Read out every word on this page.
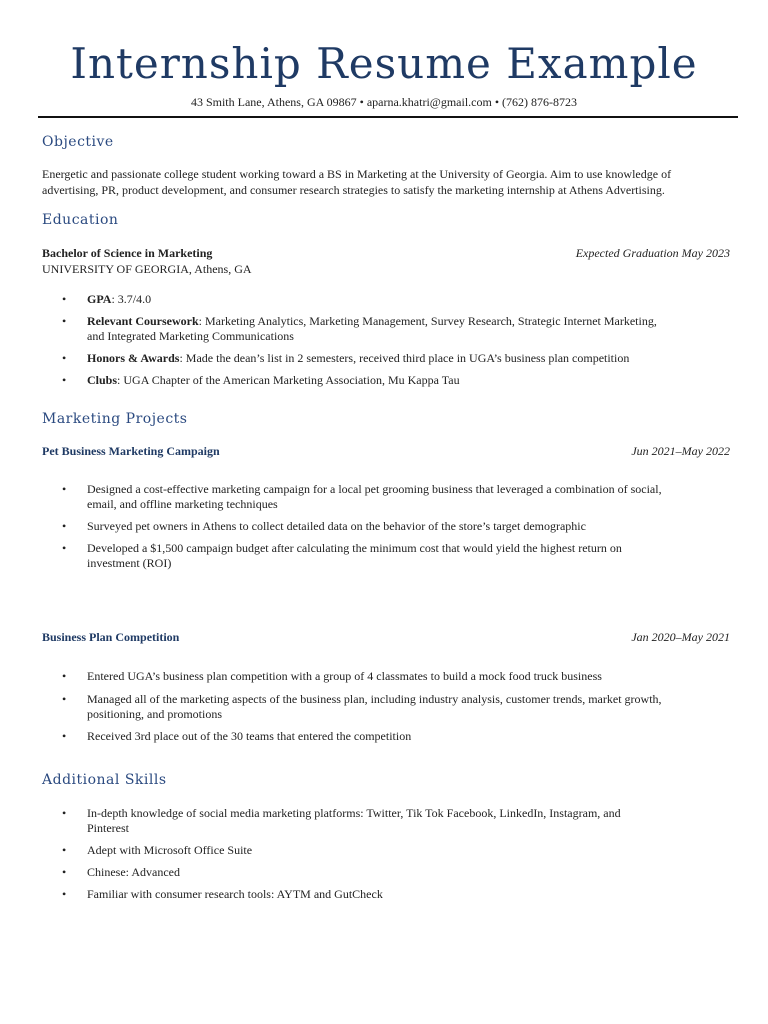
Internship Resume Example
43 Smith Lane, Athens, GA 09867 • aparna.khatri@gmail.com • (762) 876-8723
Objective
Energetic and passionate college student working toward a BS in Marketing at the University of Georgia. Aim to use knowledge of advertising, PR, product development, and consumer research strategies to satisfy the marketing internship at Athens Advertising.
Education
Bachelor of Science in Marketing	Expected Graduation May 2023
UNIVERSITY OF GEORGIA, Athens, GA
• GPA: 3.7/4.0
• Relevant Coursework: Marketing Analytics, Marketing Management, Survey Research, Strategic Internet Marketing, and Integrated Marketing Communications
• Honors & Awards: Made the dean’s list in 2 semesters, received third place in UGA’s business plan competition
• Clubs: UGA Chapter of the American Marketing Association, Mu Kappa Tau
Marketing Projects
Pet Business Marketing Campaign	Jun 2021–May 2022
• Designed a cost-effective marketing campaign for a local pet grooming business that leveraged a combination of social, email, and offline marketing techniques
• Surveyed pet owners in Athens to collect detailed data on the behavior of the store’s target demographic
• Developed a $1,500 campaign budget after calculating the minimum cost that would yield the highest return on investment (ROI)
Business Plan Competition	Jan 2020–May 2021
• Entered UGA’s business plan competition with a group of 4 classmates to build a mock food truck business
• Managed all of the marketing aspects of the business plan, including industry analysis, customer trends, market growth, positioning, and promotions
• Received 3rd place out of the 30 teams that entered the competition
Additional Skills
• In-depth knowledge of social media marketing platforms: Twitter, Tik Tok Facebook, LinkedIn, Instagram, and Pinterest
• Adept with Microsoft Office Suite
• Chinese: Advanced
• Familiar with consumer research tools: AYTM and GutCheck
